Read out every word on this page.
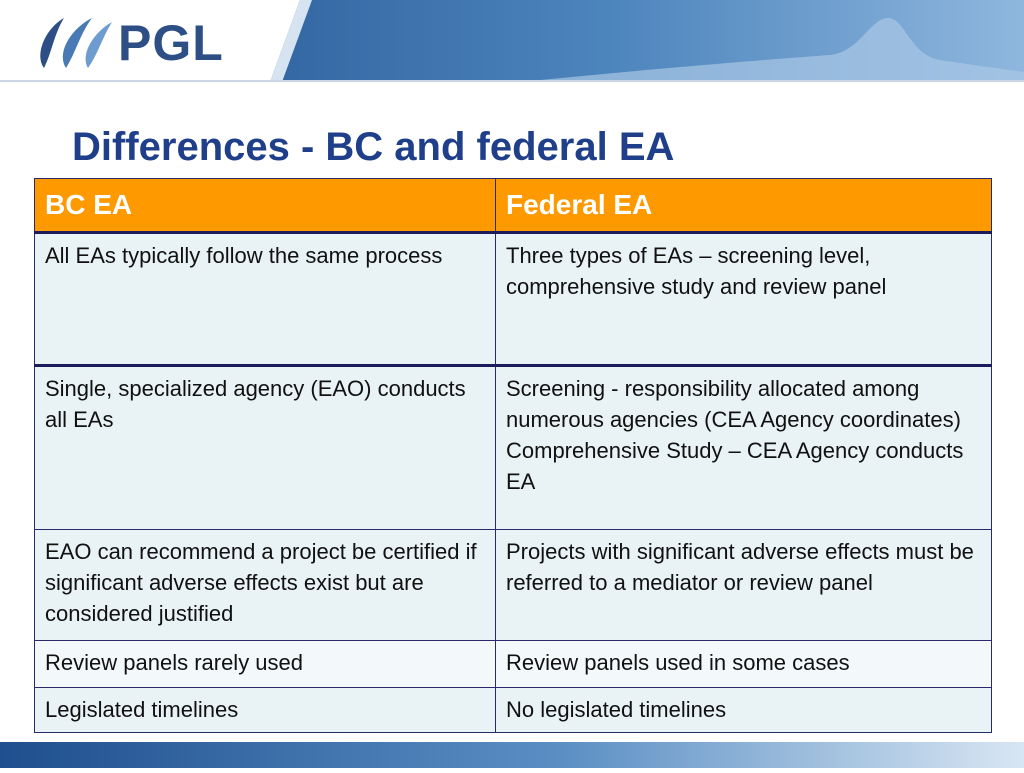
PGL
Differences - BC and federal EA
BC EA	Federal EA

All EAs typically follow the same process	Three types of EAs – screening level, comprehensive study and review panel

Single, specialized agency (EAO) conducts all EAs	Screening - responsibility allocated among numerous agencies (CEA Agency coordinates)
Comprehensive Study – CEA Agency conducts EA

EAO can recommend a project be certified if significant adverse effects exist but are considered justified	Projects with significant adverse effects must be referred to a mediator or review panel

Review panels rarely used	Review panels used in some cases

Legislated timelines	No legislated timelines
